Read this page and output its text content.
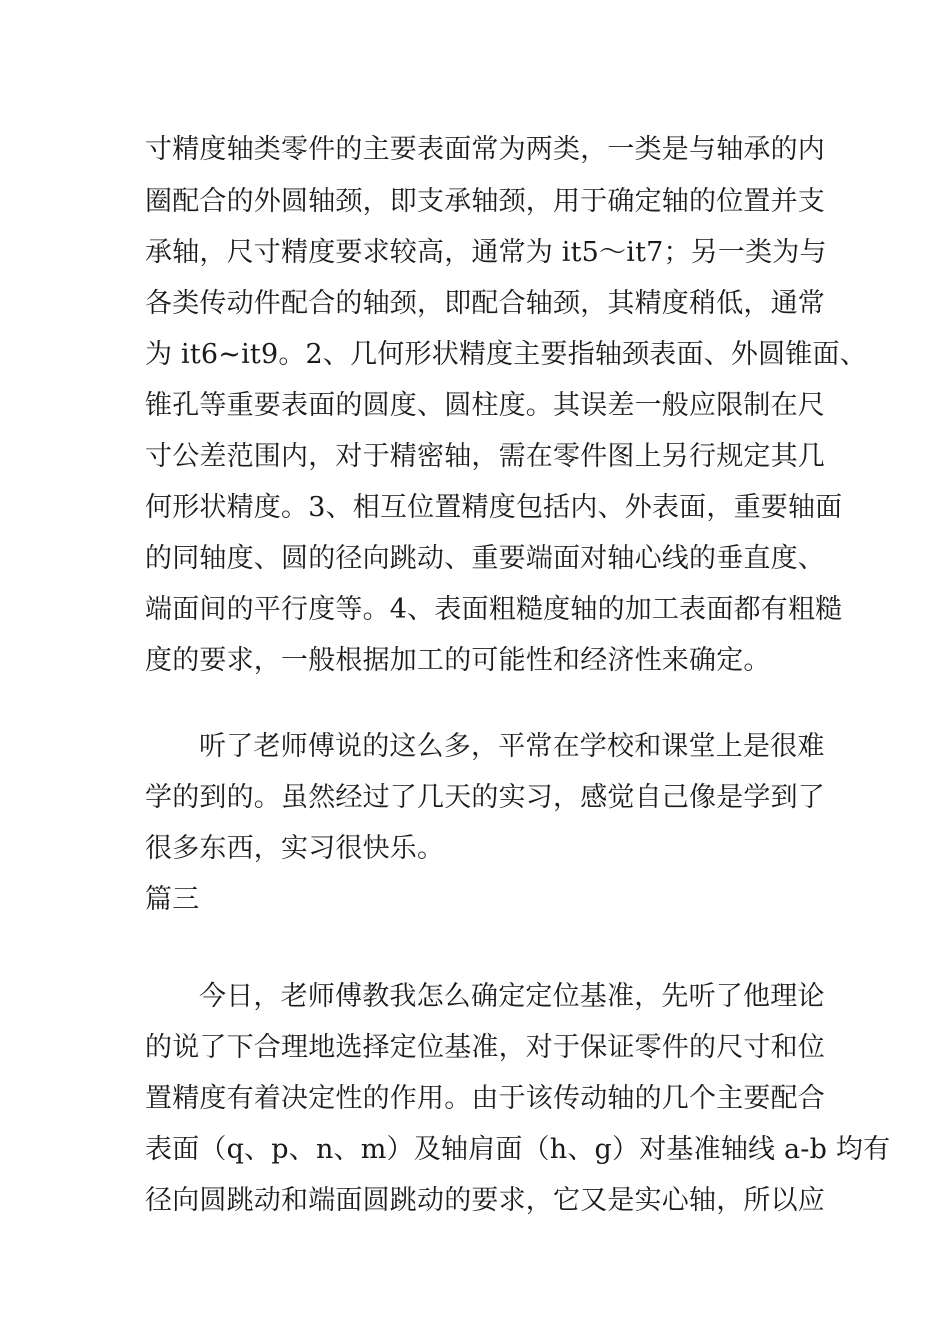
寸精度轴类零件的主要表面常为两类，一类是与轴承的内
圈配合的外圆轴颈，即支承轴颈，用于确定轴的位置并支
承轴，尺寸精度要求较高，通常为 it5～it7；另一类为与
各类传动件配合的轴颈，即配合轴颈，其精度稍低，通常
为 it6~it9。2、几何形状精度主要指轴颈表面、外圆锥面、
锥孔等重要表面的圆度、圆柱度。其误差一般应限制在尺
寸公差范围内，对于精密轴，需在零件图上另行规定其几
何形状精度。3、相互位置精度包括内、外表面，重要轴面
的同轴度、圆的径向跳动、重要端面对轴心线的垂直度、
端面间的平行度等。4、表面粗糙度轴的加工表面都有粗糙
度的要求，一般根据加工的可能性和经济性来确定。
听了老师傅说的这么多，平常在学校和课堂上是很难
学的到的。虽然经过了几天的实习，感觉自己像是学到了
很多东西，实习很快乐。
篇三
今日，老师傅教我怎么确定定位基准，先听了他理论
的说了下合理地选择定位基准，对于保证零件的尺寸和位
置精度有着决定性的作用。由于该传动轴的几个主要配合
表面（q、p、n、m）及轴肩面（h、g）对基准轴线 a-b 均有
径向圆跳动和端面圆跳动的要求，它又是实心轴，所以应
